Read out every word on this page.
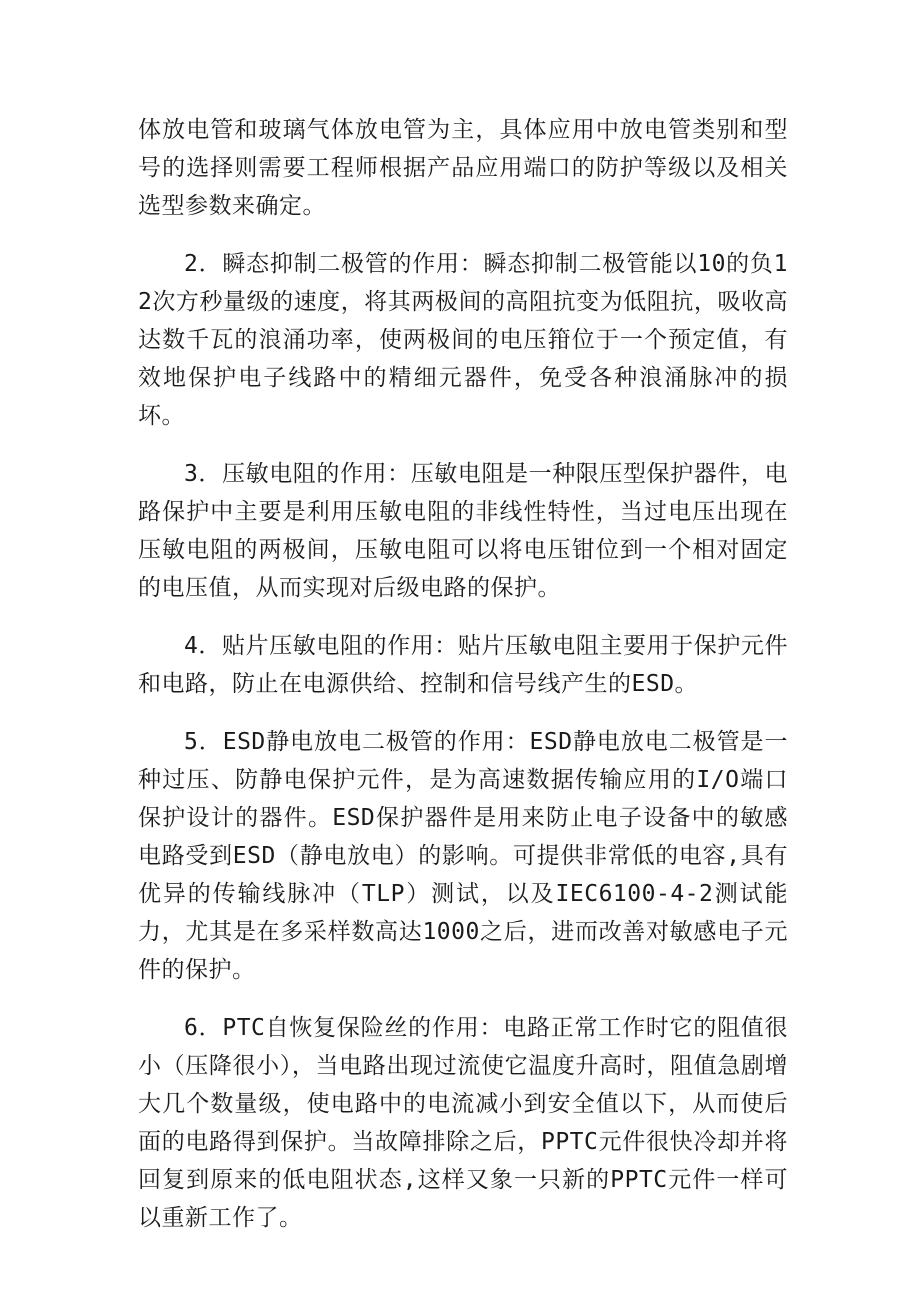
体放电管和玻璃气体放电管为主，具体应用中放电管类别和型号的选择则需要工程师根据产品应用端口的防护等级以及相关选型参数来确定。

2．瞬态抑制二极管的作用：瞬态抑制二极管能以10的负12次方秒量级的速度，将其两极间的高阻抗变为低阻抗，吸收高达数千瓦的浪涌功率，使两极间的电压箝位于一个预定值，有效地保护电子线路中的精细元器件，免受各种浪涌脉冲的损坏。

3．压敏电阻的作用：压敏电阻是一种限压型保护器件，电路保护中主要是利用压敏电阻的非线性特性，当过电压出现在压敏电阻的两极间，压敏电阻可以将电压钳位到一个相对固定的电压值，从而实现对后级电路的保护。

4．贴片压敏电阻的作用：贴片压敏电阻主要用于保护元件和电路，防止在电源供给、控制和信号线产生的ESD。

5．ESD静电放电二极管的作用：ESD静电放电二极管是一种过压、防静电保护元件，是为高速数据传输应用的I/O端口保护设计的器件。ESD保护器件是用来防止电子设备中的敏感电路受到ESD（静电放电）的影响。可提供非常低的电容,具有优异的传输线脉冲（TLP）测试，以及IEC6100-4-2测试能力，尤其是在多采样数高达1000之后，进而改善对敏感电子元件的保护。

6．PTC自恢复保险丝的作用：电路正常工作时它的阻值很小（压降很小），当电路出现过流使它温度升高时，阻值急剧增大几个数量级，使电路中的电流减小到安全值以下，从而使后面的电路得到保护。当故障排除之后，PPTC元件很快冷却并将回复到原来的低电阻状态,这样又象一只新的PPTC元件一样可以重新工作了。
